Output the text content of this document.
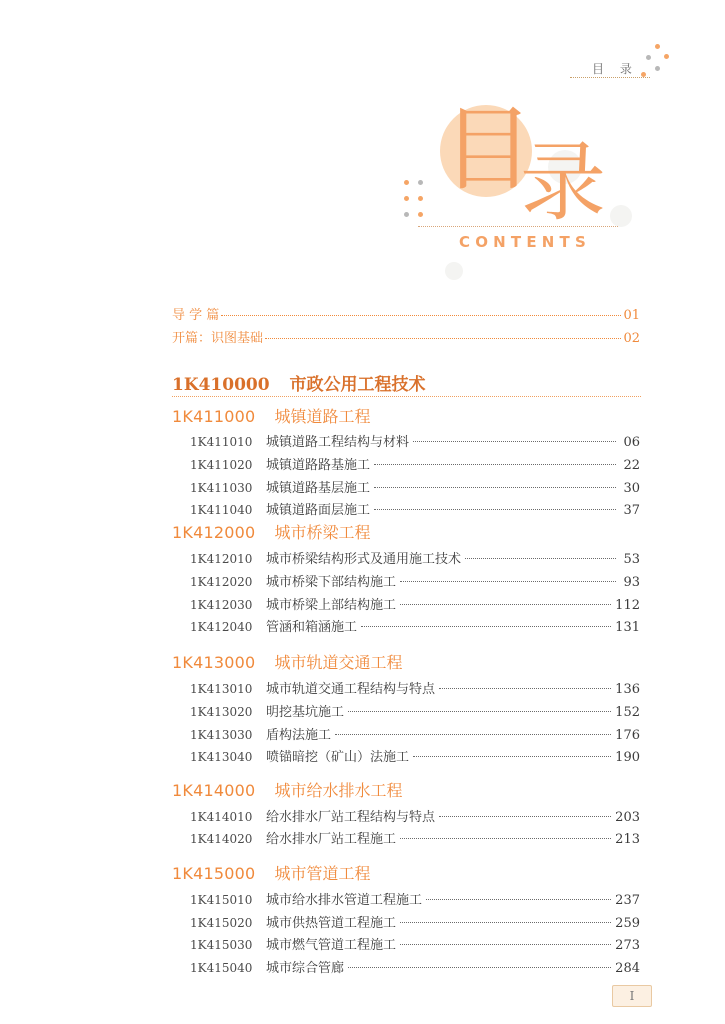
目 录
目
录
CONTENTS
导 学 篇	01
开篇：识图基础	02
1K410000 市政公用工程技术
1K411000 城镇道路工程
1K411010	城镇道路工程结构与材料	06
1K411020	城镇道路路基施工	22
1K411030	城镇道路基层施工	30
1K411040	城镇道路面层施工	37
1K412000 城市桥梁工程
1K412010	城市桥梁结构形式及通用施工技术	53
1K412020	城市桥梁下部结构施工	93
1K412030	城市桥梁上部结构施工	112
1K412040	管涵和箱涵施工	131
1K413000 城市轨道交通工程
1K413010	城市轨道交通工程结构与特点	136
1K413020	明挖基坑施工	152
1K413030	盾构法施工	176
1K413040	喷锚暗挖（矿山）法施工	190
1K414000 城市给水排水工程
1K414010	给水排水厂站工程结构与特点	203
1K414020	给水排水厂站工程施工	213
1K415000 城市管道工程
1K415010	城市给水排水管道工程施工	237
1K415020	城市供热管道工程施工	259
1K415030	城市燃气管道工程施工	273
1K415040	城市综合管廊	284
I
